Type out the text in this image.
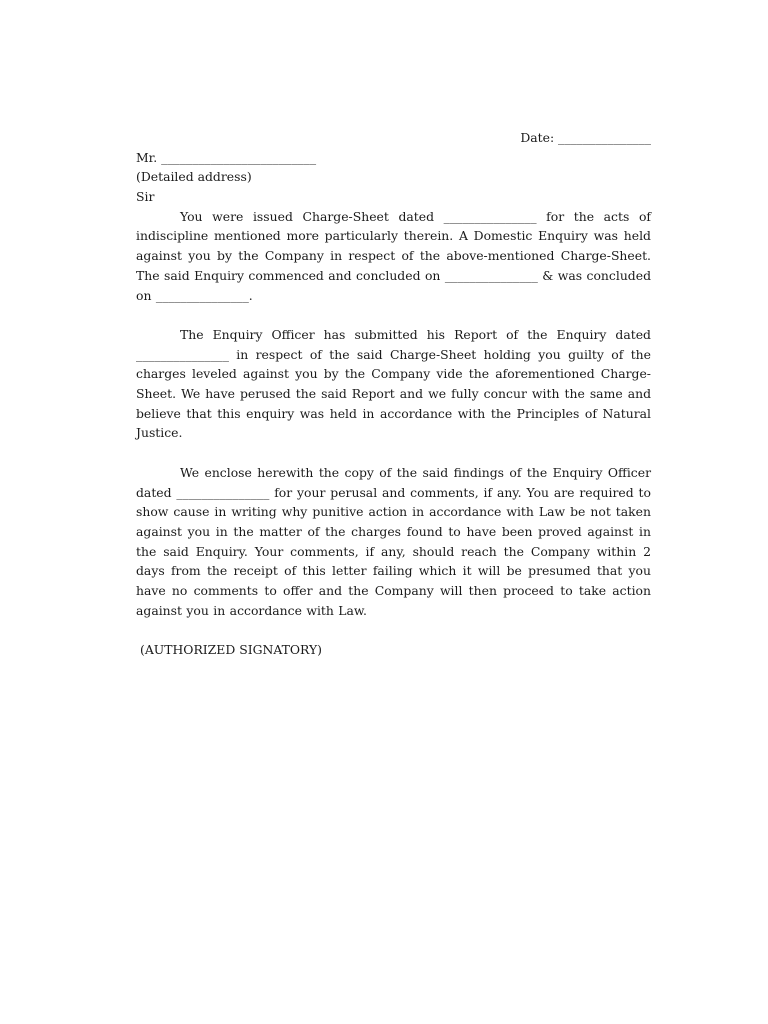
Date: _______________
Mr. _________________________
(Detailed address)
Sir

You were issued Charge-Sheet dated _______________ for the acts of indiscipline mentioned more particularly therein. A Domestic Enquiry was held against you by the Company in respect of the above-mentioned Charge-Sheet. The said Enquiry commenced and concluded on _______________ & was concluded on _______________.

The Enquiry Officer has submitted his Report of the Enquiry dated _______________ in respect of the said Charge-Sheet holding you guilty of the charges leveled against you by the Company vide the aforementioned Charge-Sheet. We have perused the said Report and we fully concur with the same and believe that this enquiry was held in accordance with the Principles of Natural Justice.

We enclose herewith the copy of the said findings of the Enquiry Officer dated _______________ for your perusal and comments, if any. You are required to show cause in writing why punitive action in accordance with Law be not taken against you in the matter of the charges found to have been proved against in the said Enquiry. Your comments, if any, should reach the Company within 2 days from the receipt of this letter failing which it will be presumed that you have no comments to offer and the Company will then proceed to take action against you in accordance with Law.

(AUTHORIZED SIGNATORY)
